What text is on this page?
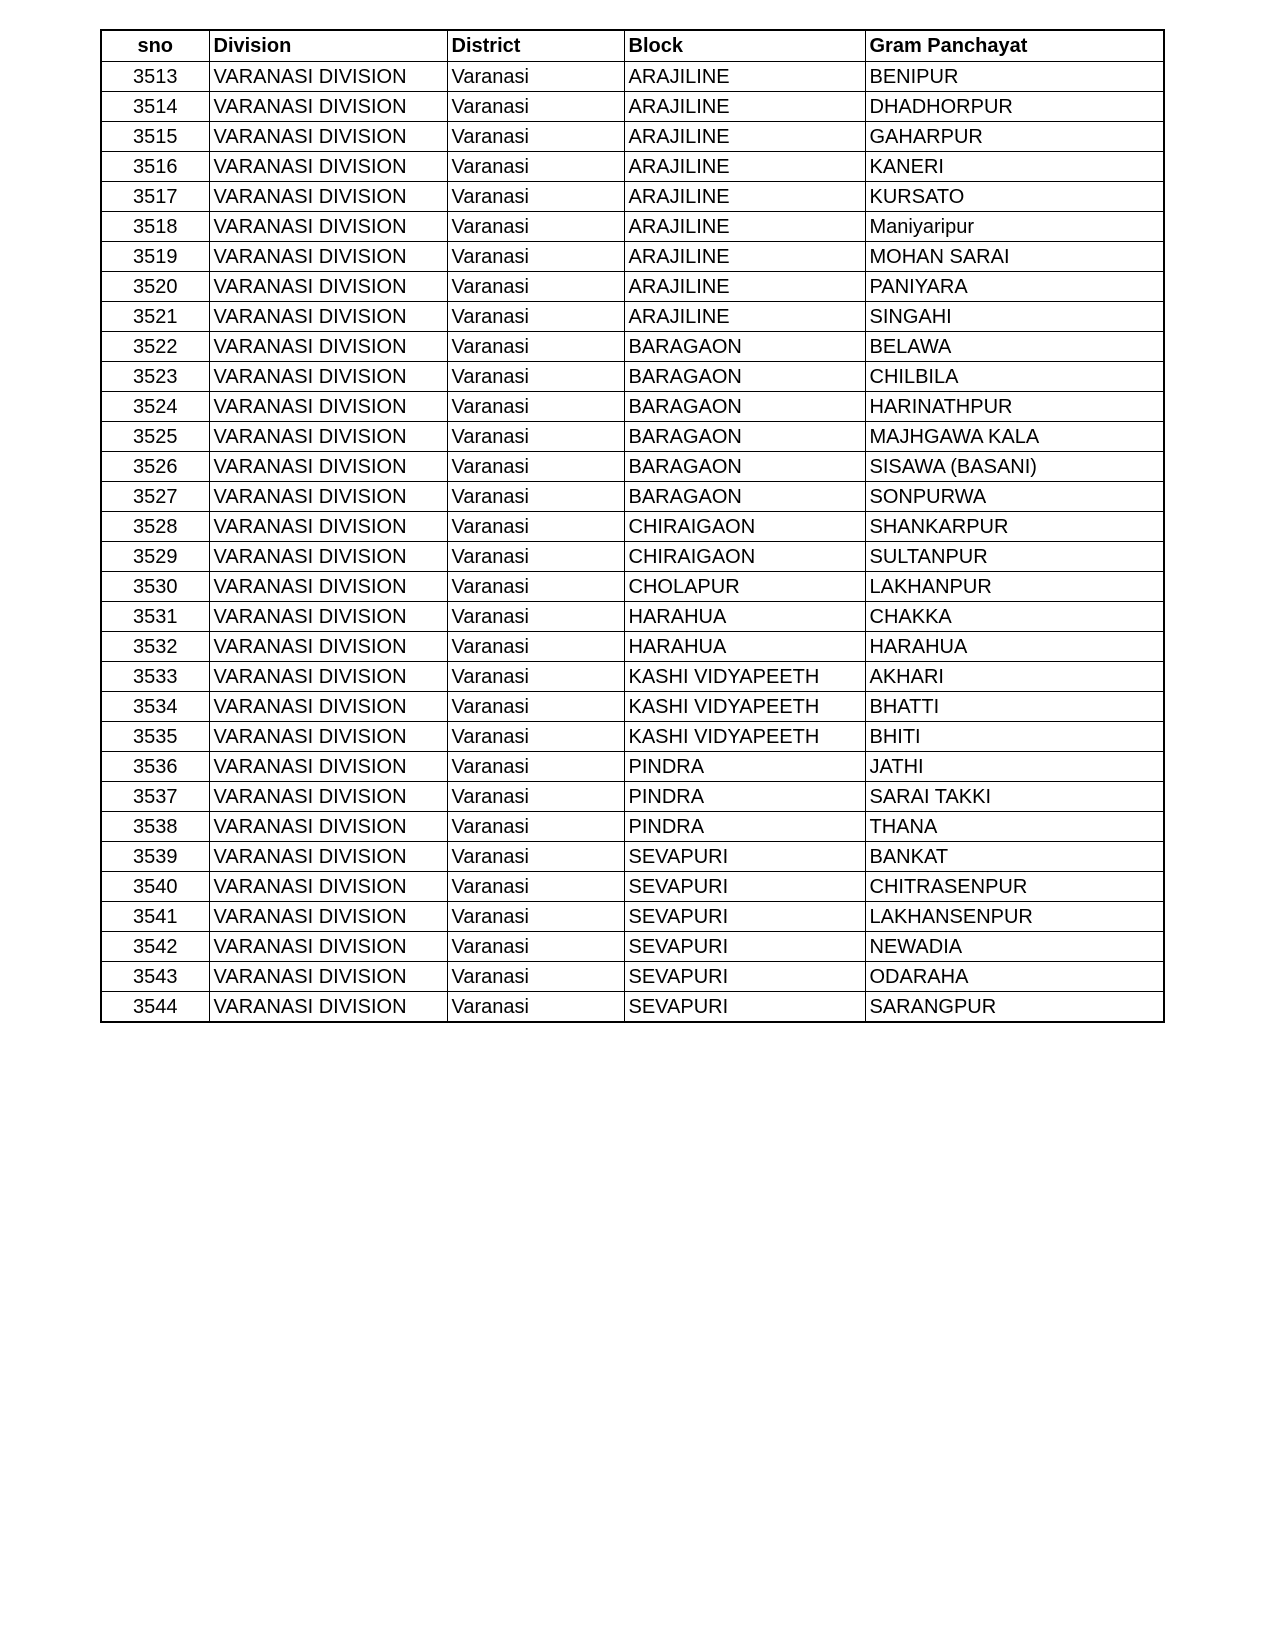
sno	Division	District	Block	Gram Panchayat
3513	VARANASI DIVISION	Varanasi	ARAJILINE	BENIPUR
3514	VARANASI DIVISION	Varanasi	ARAJILINE	DHADHORPUR
3515	VARANASI DIVISION	Varanasi	ARAJILINE	GAHARPUR
3516	VARANASI DIVISION	Varanasi	ARAJILINE	KANERI
3517	VARANASI DIVISION	Varanasi	ARAJILINE	KURSATO
3518	VARANASI DIVISION	Varanasi	ARAJILINE	Maniyaripur
3519	VARANASI DIVISION	Varanasi	ARAJILINE	MOHAN SARAI
3520	VARANASI DIVISION	Varanasi	ARAJILINE	PANIYARA
3521	VARANASI DIVISION	Varanasi	ARAJILINE	SINGAHI
3522	VARANASI DIVISION	Varanasi	BARAGAON	BELAWA
3523	VARANASI DIVISION	Varanasi	BARAGAON	CHILBILA
3524	VARANASI DIVISION	Varanasi	BARAGAON	HARINATHPUR
3525	VARANASI DIVISION	Varanasi	BARAGAON	MAJHGAWA KALA
3526	VARANASI DIVISION	Varanasi	BARAGAON	SISAWA (BASANI)
3527	VARANASI DIVISION	Varanasi	BARAGAON	SONPURWA
3528	VARANASI DIVISION	Varanasi	CHIRAIGAON	SHANKARPUR
3529	VARANASI DIVISION	Varanasi	CHIRAIGAON	SULTANPUR
3530	VARANASI DIVISION	Varanasi	CHOLAPUR	LAKHANPUR
3531	VARANASI DIVISION	Varanasi	HARAHUA	CHAKKA
3532	VARANASI DIVISION	Varanasi	HARAHUA	HARAHUA
3533	VARANASI DIVISION	Varanasi	KASHI VIDYAPEETH	AKHARI
3534	VARANASI DIVISION	Varanasi	KASHI VIDYAPEETH	BHATTI
3535	VARANASI DIVISION	Varanasi	KASHI VIDYAPEETH	BHITI
3536	VARANASI DIVISION	Varanasi	PINDRA	JATHI
3537	VARANASI DIVISION	Varanasi	PINDRA	SARAI TAKKI
3538	VARANASI DIVISION	Varanasi	PINDRA	THANA
3539	VARANASI DIVISION	Varanasi	SEVAPURI	BANKAT
3540	VARANASI DIVISION	Varanasi	SEVAPURI	CHITRASENPUR
3541	VARANASI DIVISION	Varanasi	SEVAPURI	LAKHANSENPUR
3542	VARANASI DIVISION	Varanasi	SEVAPURI	NEWADIA
3543	VARANASI DIVISION	Varanasi	SEVAPURI	ODARAHA
3544	VARANASI DIVISION	Varanasi	SEVAPURI	SARANGPUR
